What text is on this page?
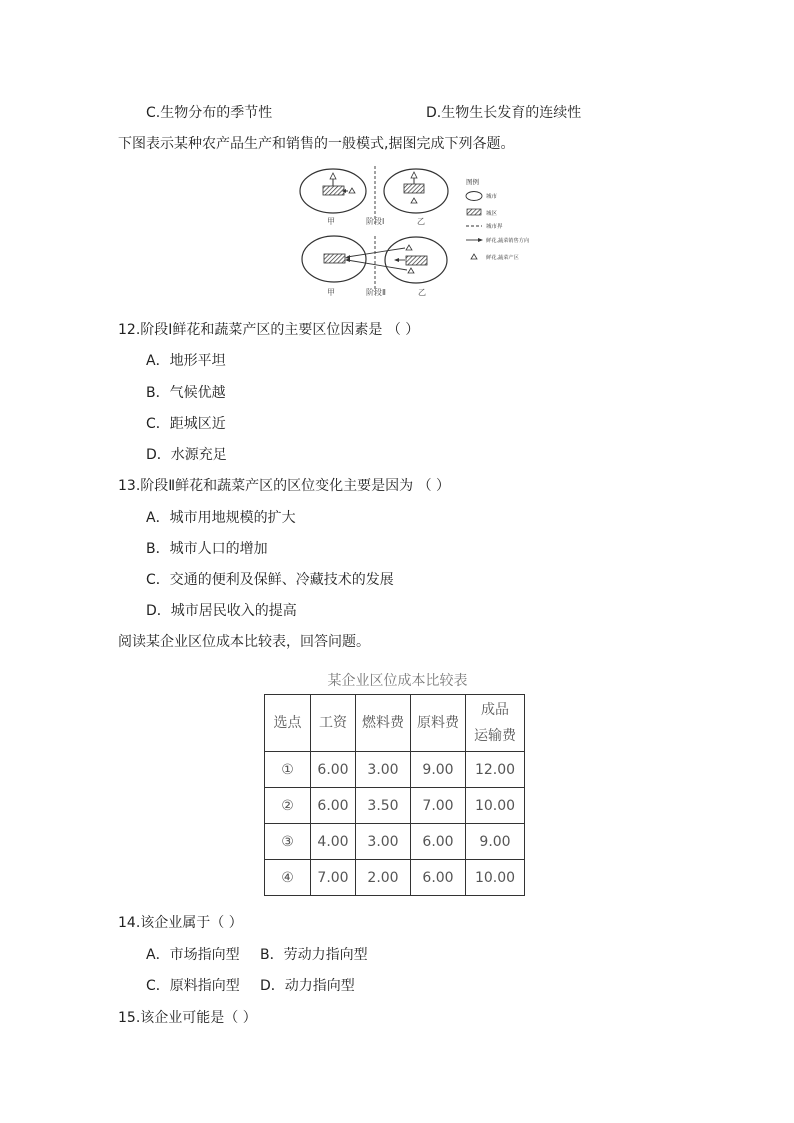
C.生物分布的季节性	D.生物生长发育的连续性
下图表示某种农产品生产和销售的一般模式,据图完成下列各题。
甲	阶段Ⅰ	乙
甲	阶段Ⅱ	乙
图例
城市
城区
城市界
鲜花,蔬菜销售方向
鲜花,蔬菜产区
12.阶段Ⅰ鲜花和蔬菜产区的主要区位因素是 （ ）
A．地形平坦
B．气候优越
C．距城区近
D．水源充足
13.阶段Ⅱ鲜花和蔬菜产区的区位变化主要是因为 （ ）
A．城市用地规模的扩大
B．城市人口的增加
C．交通的便利及保鲜、冷藏技术的发展
D．城市居民收入的提高
阅读某企业区位成本比较表，回答问题。
某企业区位成本比较表
选点	工资	燃料费	原料费	成品
运输费
①	6.00	3.00	9.00	12.00
②	6.00	3.50	7.00	10.00
③	4.00	3.00	6.00	9.00
④	7.00	2.00	6.00	10.00
14.该企业属于（ ）
A．市场指向型 B．劳动力指向型
C．原料指向型 D．动力指向型
15.该企业可能是（ ）
